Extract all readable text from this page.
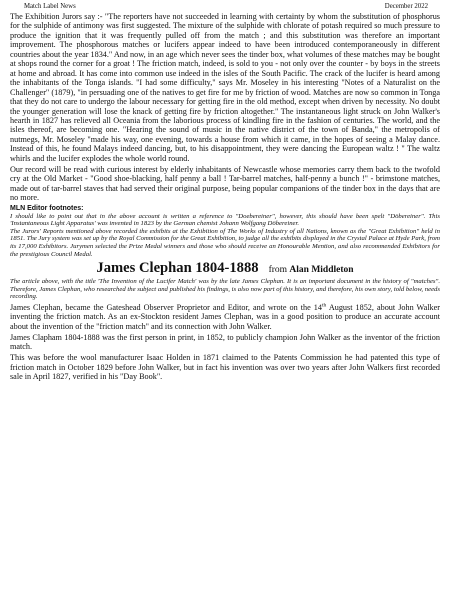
Match Label News	December 2022

The Exhibition Jurors say :- "The reporters have not succeeded in learning with certainty by whom the substitution of phosphorus for the sulphide of antimony was first suggested. The mixture of the sulphide with chlorate of potash required so much pressure to produce the ignition that it was frequently pulled off from the match ; and this substitution was therefore an important improvement. The phosphorous matches or lucifers appear indeed to have been introduced contemporaneously in different countries about the year 1834." And now, in an age which never sees the tinder box, what volumes of these matches may be bought at shops round the corner for a groat ! The friction match, indeed, is sold to you - not only over the counter - by boys in the streets at home and abroad. It has come into common use indeed in the isles of the South Pacific. The crack of the lucifer is heard among the inhabitants of the Tonga islands. "I had some difficulty," says Mr. Moseley in his interesting "Notes of a Naturalist on the Challenger" (1879), "in persuading one of the natives to get fire for me by friction of wood. Matches are now so common in Tonga that they do not care to undergo the labour necessary for getting fire in the old method, except when driven by necessity. No doubt the younger generation will lose the knack of getting fire by friction altogether." The instantaneous light struck on John Walker's hearth in 1827 has relieved all Oceania from the laborious process of kindling fire in the fashion of centuries. The world, and the isles thereof, are becoming one. "Hearing the sound of music in the native district of the town of Banda," the metropolis of nutmegs, Mr. Moseley "made his way, one evening, towards a house from which it came, in the hopes of seeing a Malay dance. Instead of this, he found Malays indeed dancing, but, to his disappointment, they were dancing the European waltz ! " The waltz whirls and the lucifer explodes the whole world round.

Our record will be read with curious interest by elderly inhabitants of Newcastle whose memories carry them back to the twofold cry at the Old Market - "Good shoe-blacking, half penny a ball ! Tar-barrel matches, half-penny a bunch !" - brimstone matches, made out of tar-barrel staves that had served their original purpose, being popular companions of the tinder box in the days that are no more.

MLN Editor footnotes:

I should like to point out that in the above account is written a reference to "Doebereiner", however, this should have been spelt "Döbereiner". This 'Instantaneous Light Apparatus' was invented in 1823 by the German chemist Johann Wolfgang Döbereiner.

The Jurors' Reports mentioned above recorded the exhibits at the Exhibition of The Works of Industry of all Nations, known as the "Great Exhibition" held in 1851. The Jury system was set up by the Royal Commission for the Great Exhibition, to judge all the exhibits displayed in the Crystal Palace at Hyde Park, from its 17,000 Exhibitors. Jurymen selected the Prize Medal winners and those who should receive an Honourable Mention, and also recommended Exhibitors for the prestigious Council Medal.

James Clephan 1804-1888 from Alan Middleton

The article above, with the title 'The Invention of the Lucifer Match' was by the late James Clephan. It is an important document in the history of "matches". Therefore, James Clephan, who researched the subject and published his findings, is also now part of this history, and therefore, his own story, told below, needs recording.

James Clephan, became the Gateshead Observer Proprietor and Editor, and wrote on the 14th August 1852, about John Walker inventing the friction match. As an ex-Stockton resident James Clephan, was in a good position to produce an accurate account about the invention of the "friction match" and its connection with John Walker.

James Clapham 1804-1888 was the first person in print, in 1852, to publicly champion John Walker as the inventor of the friction match.

This was before the wool manufacturer Isaac Holden in 1871 claimed to the Patents Commission he had patented this type of friction match in October 1829 before John Walker, but in fact his invention was over two years after John Walkers first recorded sale in April 1827, verified in his "Day Book".
